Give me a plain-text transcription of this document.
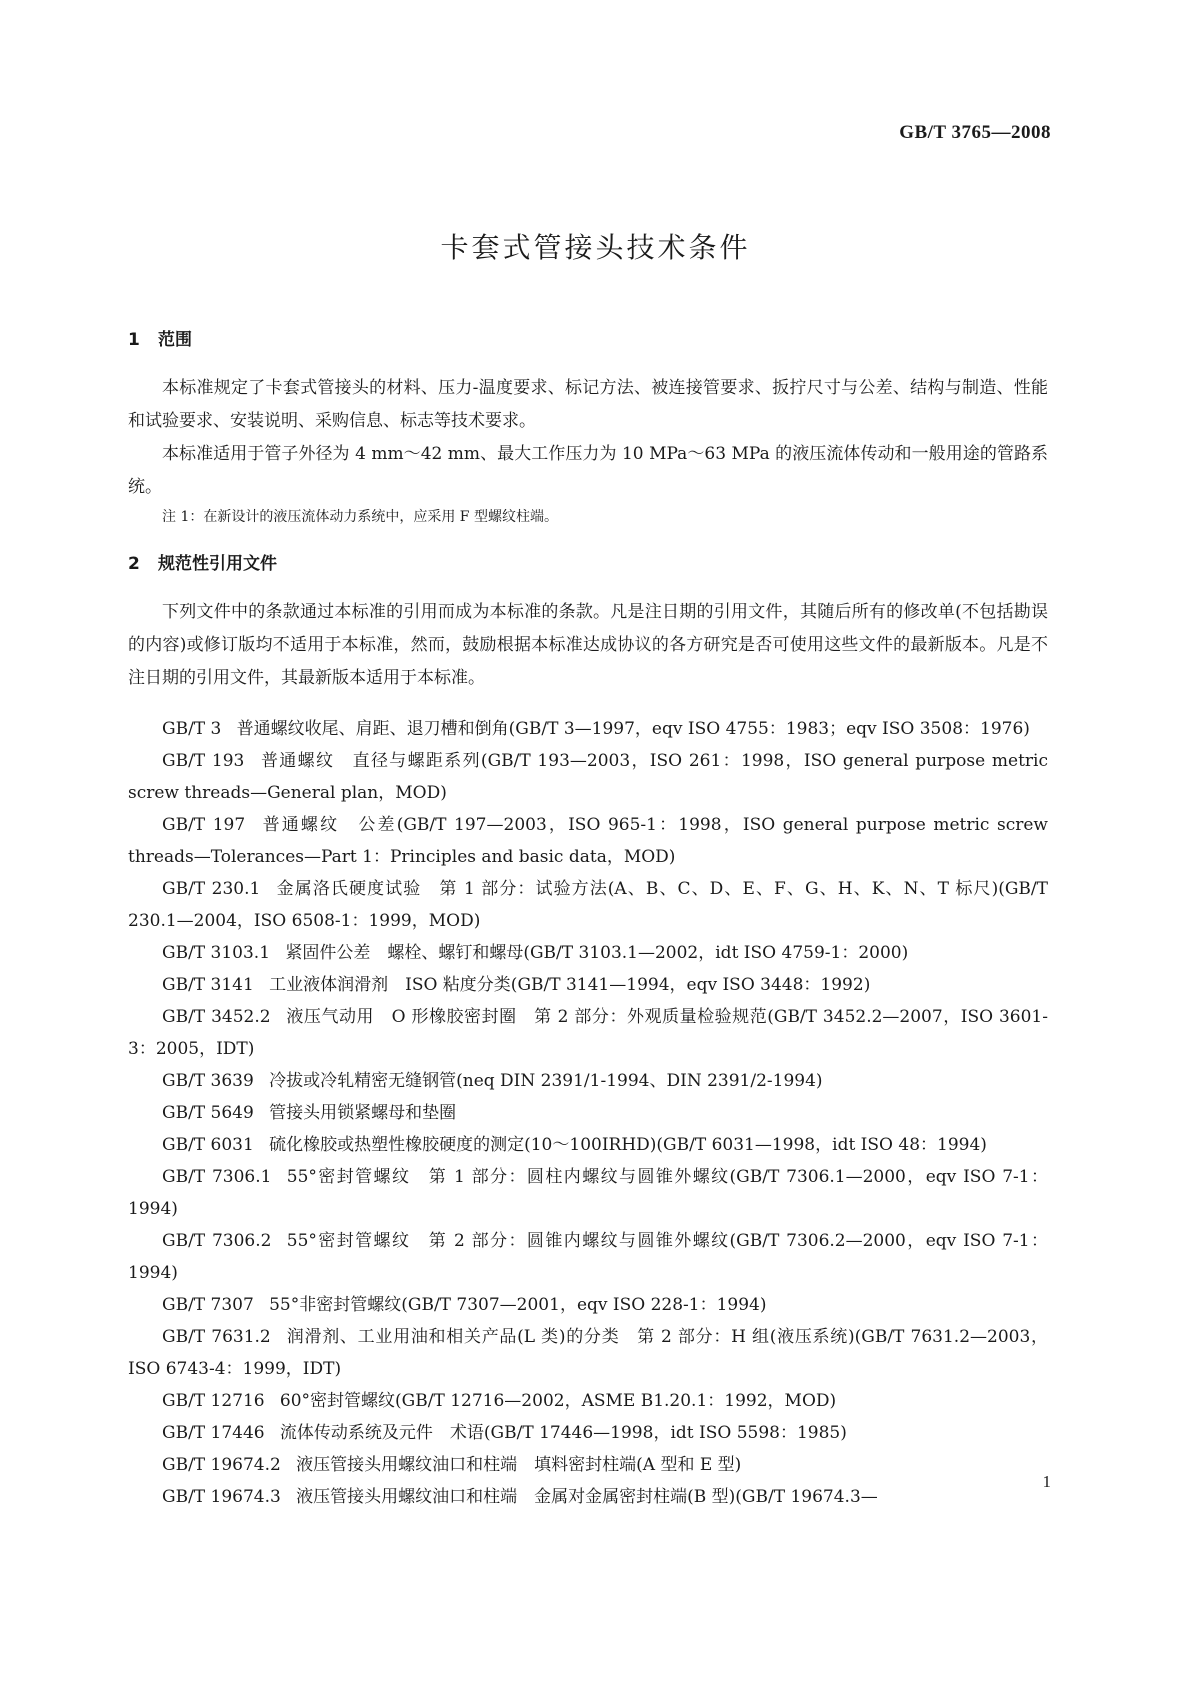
GB/T 3765—2008
卡套式管接头技术条件
1 范围

本标准规定了卡套式管接头的材料、压力-温度要求、标记方法、被连接管要求、扳拧尺寸与公差、结构与制造、性能和试验要求、安装说明、采购信息、标志等技术要求。

本标准适用于管子外径为 4 mm～42 mm、最大工作压力为 10 MPa～63 MPa 的液压流体传动和一般用途的管路系统。

注 1：在新设计的液压流体动力系统中，应采用 F 型螺纹柱端。

2 规范性引用文件

下列文件中的条款通过本标准的引用而成为本标准的条款。凡是注日期的引用文件，其随后所有的修改单(不包括勘误的内容)或修订版均不适用于本标准，然而，鼓励根据本标准达成协议的各方研究是否可使用这些文件的最新版本。凡是不注日期的引用文件，其最新版本适用于本标准。

GB/T 3 普通螺纹收尾、肩距、退刀槽和倒角(GB/T 3—1997，eqv ISO 4755：1983；eqv ISO 3508：1976)

GB/T 193 普通螺纹　直径与螺距系列(GB/T 193—2003，ISO 261：1998，ISO general purpose metric screw threads—General plan，MOD)

GB/T 197 普通螺纹　公差(GB/T 197—2003，ISO 965-1：1998，ISO general purpose metric screw threads—Tolerances—Part 1：Principles and basic data，MOD)

GB/T 230.1 金属洛氏硬度试验　第 1 部分：试验方法(A、B、C、D、E、F、G、H、K、N、T 标尺)(GB/T 230.1—2004，ISO 6508-1：1999，MOD)

GB/T 3103.1 紧固件公差　螺栓、螺钉和螺母(GB/T 3103.1—2002，idt ISO 4759-1：2000)

GB/T 3141 工业液体润滑剂　ISO 粘度分类(GB/T 3141—1994，eqv ISO 3448：1992)

GB/T 3452.2 液压气动用　O 形橡胶密封圈　第 2 部分：外观质量检验规范(GB/T 3452.2—2007，ISO 3601-3：2005，IDT)

GB/T 3639 冷拔或冷轧精密无缝钢管(neq DIN 2391/1-1994、DIN 2391/2-1994)

GB/T 5649 管接头用锁紧螺母和垫圈

GB/T 6031 硫化橡胶或热塑性橡胶硬度的测定(10～100IRHD)(GB/T 6031—1998，idt ISO 48：1994)

GB/T 7306.1 55°密封管螺纹　第 1 部分：圆柱内螺纹与圆锥外螺纹(GB/T 7306.1—2000，eqv ISO 7-1：1994)

GB/T 7306.2 55°密封管螺纹　第 2 部分：圆锥内螺纹与圆锥外螺纹(GB/T 7306.2—2000，eqv ISO 7-1：1994)

GB/T 7307 55°非密封管螺纹(GB/T 7307—2001，eqv ISO 228-1：1994)

GB/T 7631.2 润滑剂、工业用油和相关产品(L 类)的分类　第 2 部分：H 组(液压系统)(GB/T 7631.2—2003，ISO 6743-4：1999，IDT)

GB/T 12716 60°密封管螺纹(GB/T 12716—2002，ASME B1.20.1：1992，MOD)

GB/T 17446 流体传动系统及元件　术语(GB/T 17446—1998，idt ISO 5598：1985)

GB/T 19674.2 液压管接头用螺纹油口和柱端　填料密封柱端(A 型和 E 型)

GB/T 19674.3 液压管接头用螺纹油口和柱端　金属对金属密封柱端(B 型)(GB/T 19674.3—

1
